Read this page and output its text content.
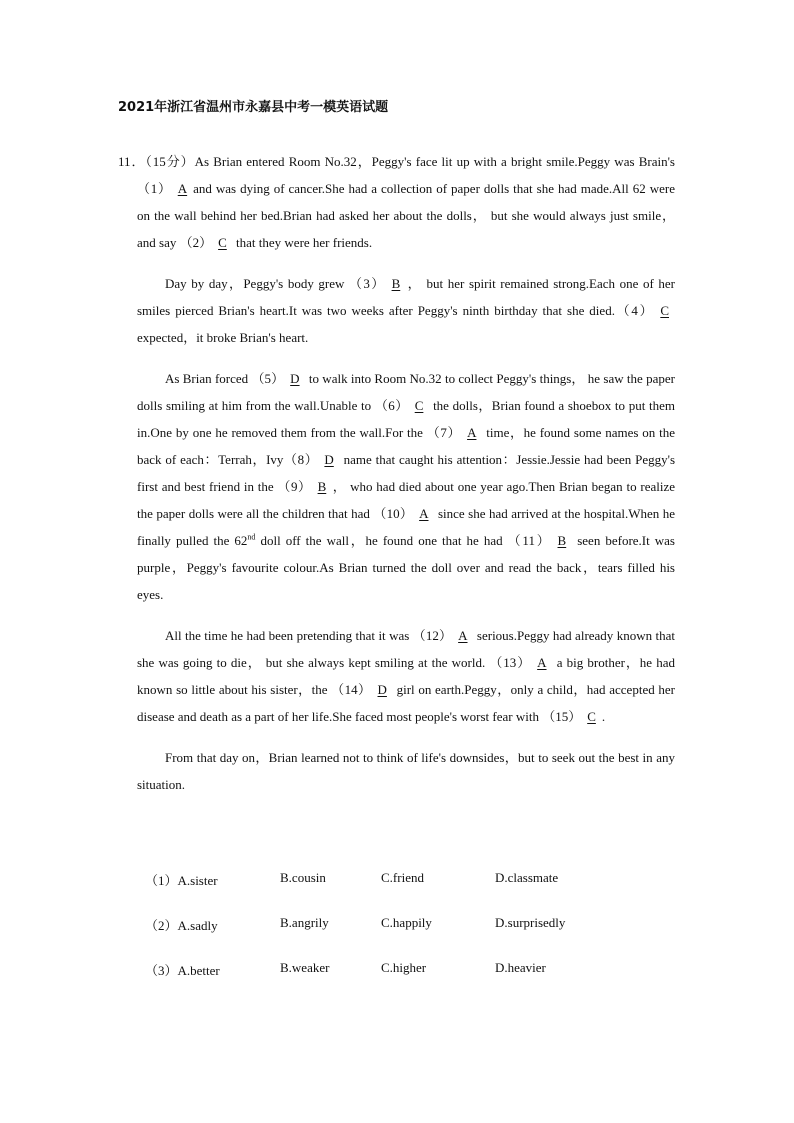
2021年浙江省温州市永嘉县中考一模英语试题

11．（15分）As Brian entered Room No.32，Peggy's face lit up with a bright smile.Peggy was Brain's （1） A and was dying of cancer.She had a collection of paper dolls that she had made.All 62 were on the wall behind her bed.Brian had asked her about the dolls， but she would always just smile，and say （2） C that they were her friends.

Day by day，Peggy's body grew （3） B ， but her spirit remained strong.Each one of her smiles pierced Brian's heart.It was two weeks after Peggy's ninth birthday that she died.（4） C expected，it broke Brian's heart.

As Brian forced （5） D to walk into Room No.32 to collect Peggy's things， he saw the paper dolls smiling at him from the wall.Unable to （6） C the dolls，Brian found a shoebox to put them in.One by one he removed them from the wall.For the （7） A time，he found some names on the back of each：Terrah，Ivy（8） D name that caught his attention：Jessie.Jessie had been Peggy's first and best friend in the （9） B ， who had died about one year ago.Then Brian began to realize the paper dolls were all the children that had （10） A since she had arrived at the hospital.When he finally pulled the 62nd doll off the wall，he found one that he had （11） B seen before.It was purple，Peggy's favourite colour.As Brian turned the doll over and read the back，tears filled his eyes.

All the time he had been pretending that it was （12） A serious.Peggy had already known that she was going to die， but she always kept smiling at the world. （13） A a big brother，he had known so little about his sister，the （14） D girl on earth.Peggy，only a child，had accepted her disease and death as a part of her life.She faced most people's worst fear with （15） C .

From that day on，Brian learned not to think of life's downsides，but to seek out the best in any situation.

（1）A.sister	B.cousin	C.friend	D.classmate
（2）A.sadly	B.angrily	C.happily	D.surprisedly
（3）A.better	B.weaker	C.higher	D.heavier
